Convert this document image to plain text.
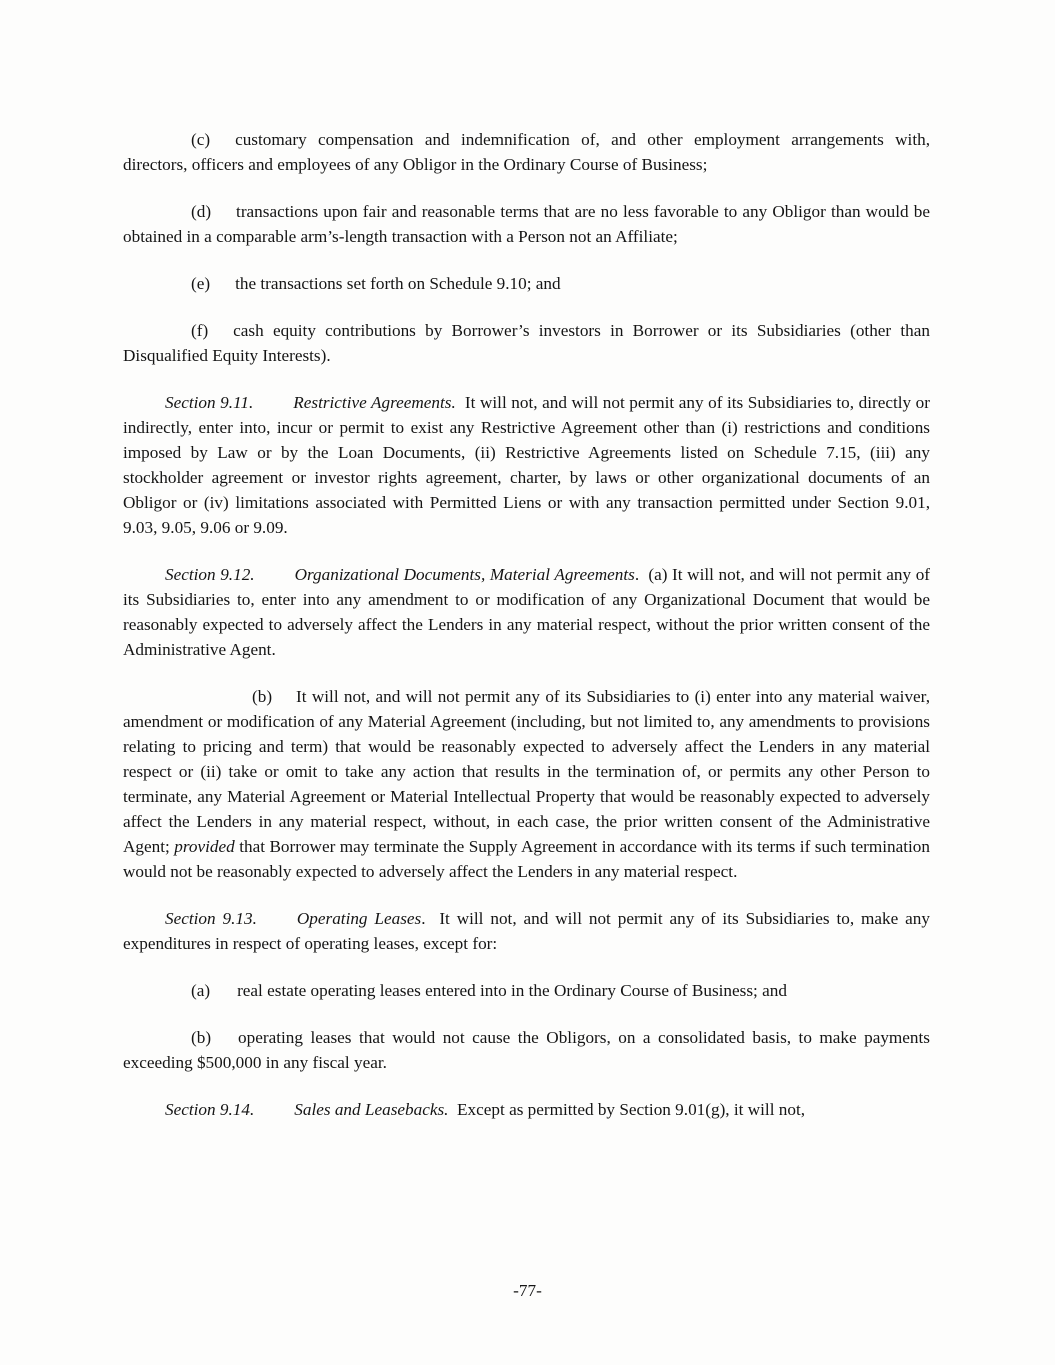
(c) customary compensation and indemnification of, and other employment arrangements with, directors, officers and employees of any Obligor in the Ordinary Course of Business;

(d) transactions upon fair and reasonable terms that are no less favorable to any Obligor than would be obtained in a comparable arm’s-length transaction with a Person not an Affiliate;

(e) the transactions set forth on Schedule 9.10; and

(f) cash equity contributions by Borrower’s investors in Borrower or its Subsidiaries (other than Disqualified Equity Interests).

Section 9.11. Restrictive Agreements.  It will not, and will not permit any of its Subsidiaries to, directly or indirectly, enter into, incur or permit to exist any Restrictive Agreement other than (i) restrictions and conditions imposed by Law or by the Loan Documents, (ii) Restrictive Agreements listed on Schedule 7.15, (iii) any stockholder agreement or investor rights agreement, charter, by laws or other organizational documents of an Obligor or (iv) limitations associated with Permitted Liens or with any transaction permitted under Section 9.01, 9.03, 9.05, 9.06 or 9.09.

Section 9.12. Organizational Documents, Material Agreements.  (a) It will not, and will not permit any of its Subsidiaries to, enter into any amendment to or modification of any Organizational Document that would be reasonably expected to adversely affect the Lenders in any material respect, without the prior written consent of the Administrative Agent.

(b) It will not, and will not permit any of its Subsidiaries to (i) enter into any material waiver, amendment or modification of any Material Agreement (including, but not limited to, any amendments to provisions relating to pricing and term) that would be reasonably expected to adversely affect the Lenders in any material respect or (ii) take or omit to take any action that results in the termination of, or permits any other Person to terminate, any Material Agreement or Material Intellectual Property that would be reasonably expected to adversely affect the Lenders in any material respect, without, in each case, the prior written consent of the Administrative Agent; provided that Borrower may terminate the Supply Agreement in accordance with its terms if such termination would not be reasonably expected to adversely affect the Lenders in any material respect.

Section 9.13. Operating Leases.  It will not, and will not permit any of its Subsidiaries to, make any expenditures in respect of operating leases, except for:

(a) real estate operating leases entered into in the Ordinary Course of Business; and

(b) operating leases that would not cause the Obligors, on a consolidated basis, to make payments exceeding $500,000 in any fiscal year.

Section 9.14. Sales and Leasebacks.  Except as permitted by Section 9.01(g), it will not,

-77-
